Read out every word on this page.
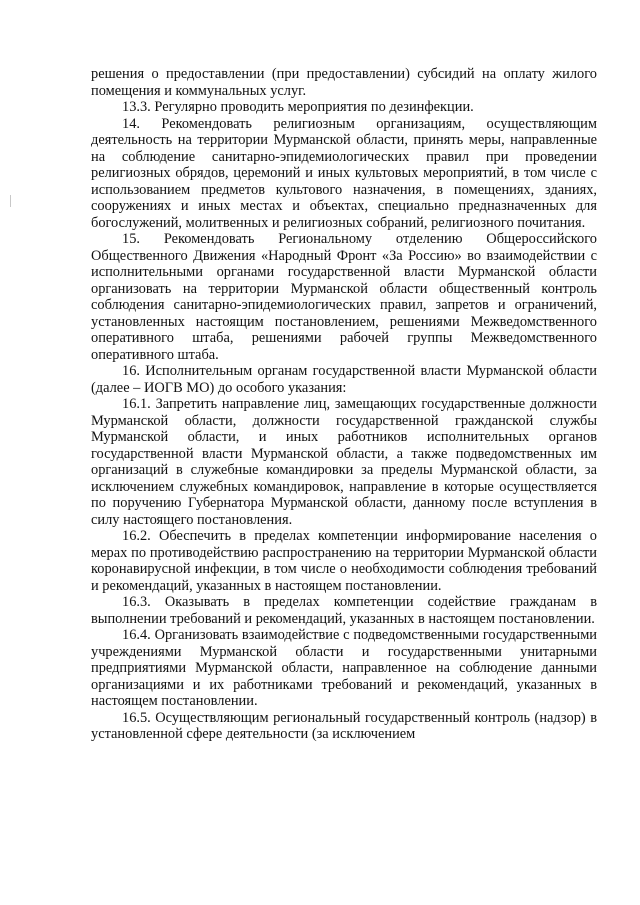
решения о предоставлении (при предоставлении) субсидий на оплату жилого помещения и коммунальных услуг.

13.3. Регулярно проводить мероприятия по дезинфекции.

14. Рекомендовать религиозным организациям, осуществляющим деятельность на территории Мурманской области, принять меры, направленные на соблюдение санитарно-эпидемиологических правил при проведении религиозных обрядов, церемоний и иных культовых мероприятий, в том числе с использованием предметов культового назначения, в помещениях, зданиях, сооружениях и иных местах и объектах, специально предназначенных для богослужений, молитвенных и религиозных собраний, религиозного почитания.

15. Рекомендовать Региональному отделению Общероссийского Общественного Движения «Народный Фронт «За Россию» во взаимодействии с исполнительными органами государственной власти Мурманской области организовать на территории Мурманской области общественный контроль соблюдения санитарно-эпидемиологических правил, запретов и ограничений, установленных настоящим постановлением, решениями Межведомственного оперативного штаба, решениями рабочей группы Межведомственного оперативного штаба.

16. Исполнительным органам государственной власти Мурманской области (далее – ИОГВ МО) до особого указания:

16.1. Запретить направление лиц, замещающих государственные должности Мурманской области, должности государственной гражданской службы Мурманской области, и иных работников исполнительных органов государственной власти Мурманской области, а также подведомственных им организаций в служебные командировки за пределы Мурманской области, за исключением служебных командировок, направление в которые осуществляется по поручению Губернатора Мурманской области, данному после вступления в силу настоящего постановления.

16.2. Обеспечить в пределах компетенции информирование населения о мерах по противодействию распространению на территории Мурманской области коронавирусной инфекции, в том числе о необходимости соблюдения требований и рекомендаций, указанных в настоящем постановлении.

16.3. Оказывать в пределах компетенции содействие гражданам в выполнении требований и рекомендаций, указанных в настоящем постановлении.

16.4. Организовать взаимодействие с подведомственными государственными учреждениями Мурманской области и государственными унитарными предприятиями Мурманской области, направленное на соблюдение данными организациями и их работниками требований и рекомендаций, указанных в настоящем постановлении.

16.5. Осуществляющим региональный государственный контроль (надзор) в установленной сфере деятельности (за исключением
